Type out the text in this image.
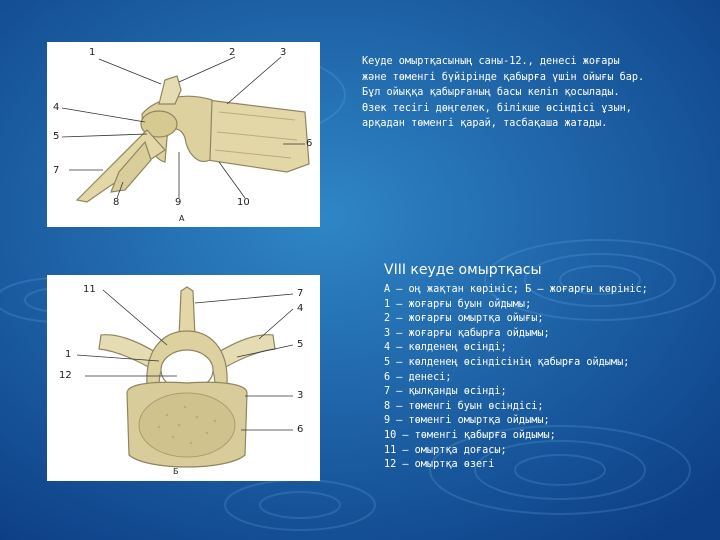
1	2	3
4
5
6
7
8	9	10
А
11	7
4
5
1
12
3
6
Б
Кеуде омыртқасының саны-12., денесі жоғары
және төменгі бүйірінде қабырға үшін ойығы бар.
Бұл ойыққа қабырғаның басы келіп қосылады.
Өзек тесігі дөңгелек, білікше өсіндісі ұзын,
арқадан төменгі қарай, тасбақаша жатады.
VIII кеуде омыртқасы
А — оң жақтан көрініс; Б — жоғарғы көрініс;
1 — жоғарғы буын ойдымы;
2 — жоғарғы омыртқа ойығы;
3 — жоғарғы қабырға ойдымы;
4 — көлденең өсінді;
5 — көлденең өсіндісінің қабырға ойдымы;
6 — денесі;
7 — қылқанды өсінді;
8 — төменгі буын өсіндісі;
9 — төменгі омыртқа ойдымы;
10 — төменгі қабырға ойдымы;
11 — омыртқа доғасы;
12 — омыртқа өзегі
